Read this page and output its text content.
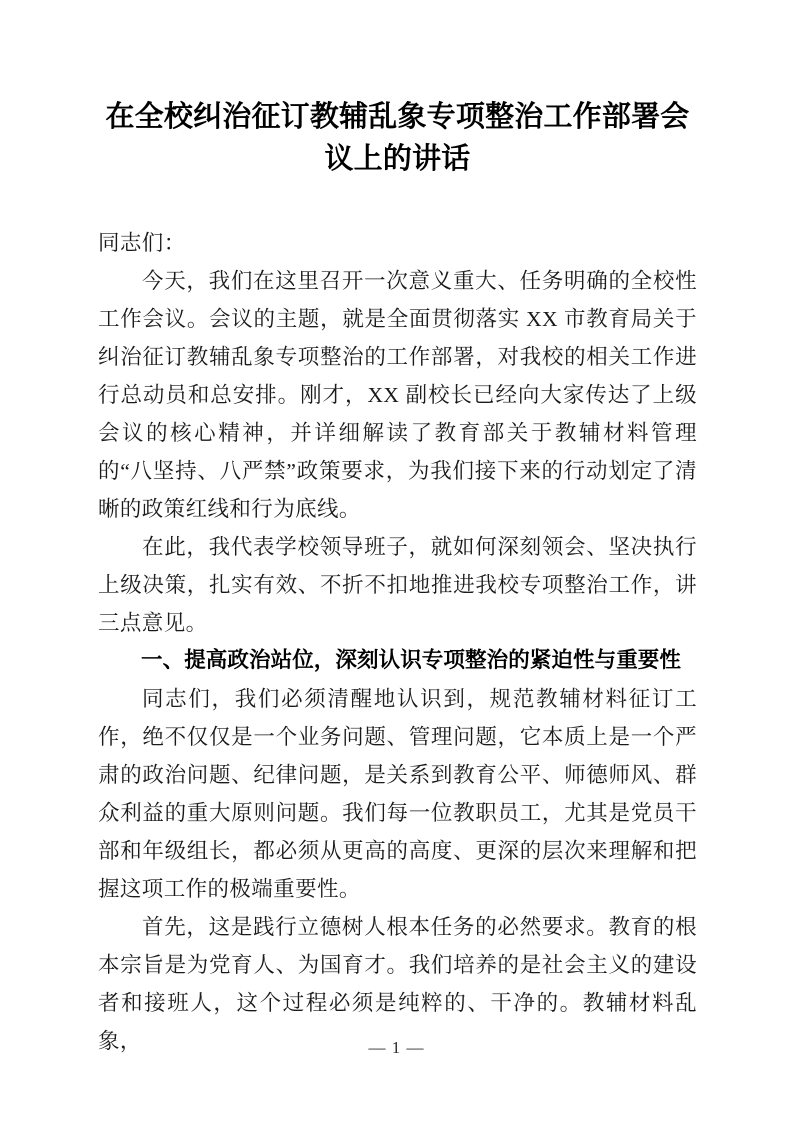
在全校纠治征订教辅乱象专项整治工作部署会议上的讲话

同志们：

今天，我们在这里召开一次意义重大、任务明确的全校性工作会议。会议的主题，就是全面贯彻落实 XX 市教育局关于纠治征订教辅乱象专项整治的工作部署，对我校的相关工作进行总动员和总安排。刚才，XX 副校长已经向大家传达了上级会议的核心精神，并详细解读了教育部关于教辅材料管理的“八坚持、八严禁”政策要求，为我们接下来的行动划定了清晰的政策红线和行为底线。

在此，我代表学校领导班子，就如何深刻领会、坚决执行上级决策，扎实有效、不折不扣地推进我校专项整治工作，讲三点意见。

一、提高政治站位，深刻认识专项整治的紧迫性与重要性

同志们，我们必须清醒地认识到，规范教辅材料征订工作，绝不仅仅是一个业务问题、管理问题，它本质上是一个严肃的政治问题、纪律问题，是关系到教育公平、师德师风、群众利益的重大原则问题。我们每一位教职员工，尤其是党员干部和年级组长，都必须从更高的高度、更深的层次来理解和把握这项工作的极端重要性。

首先，这是践行立德树人根本任务的必然要求。教育的根本宗旨是为党育人、为国育才。我们培养的是社会主义的建设者和接班人，这个过程必须是纯粹的、干净的。教辅材料乱象，	— 1 —
